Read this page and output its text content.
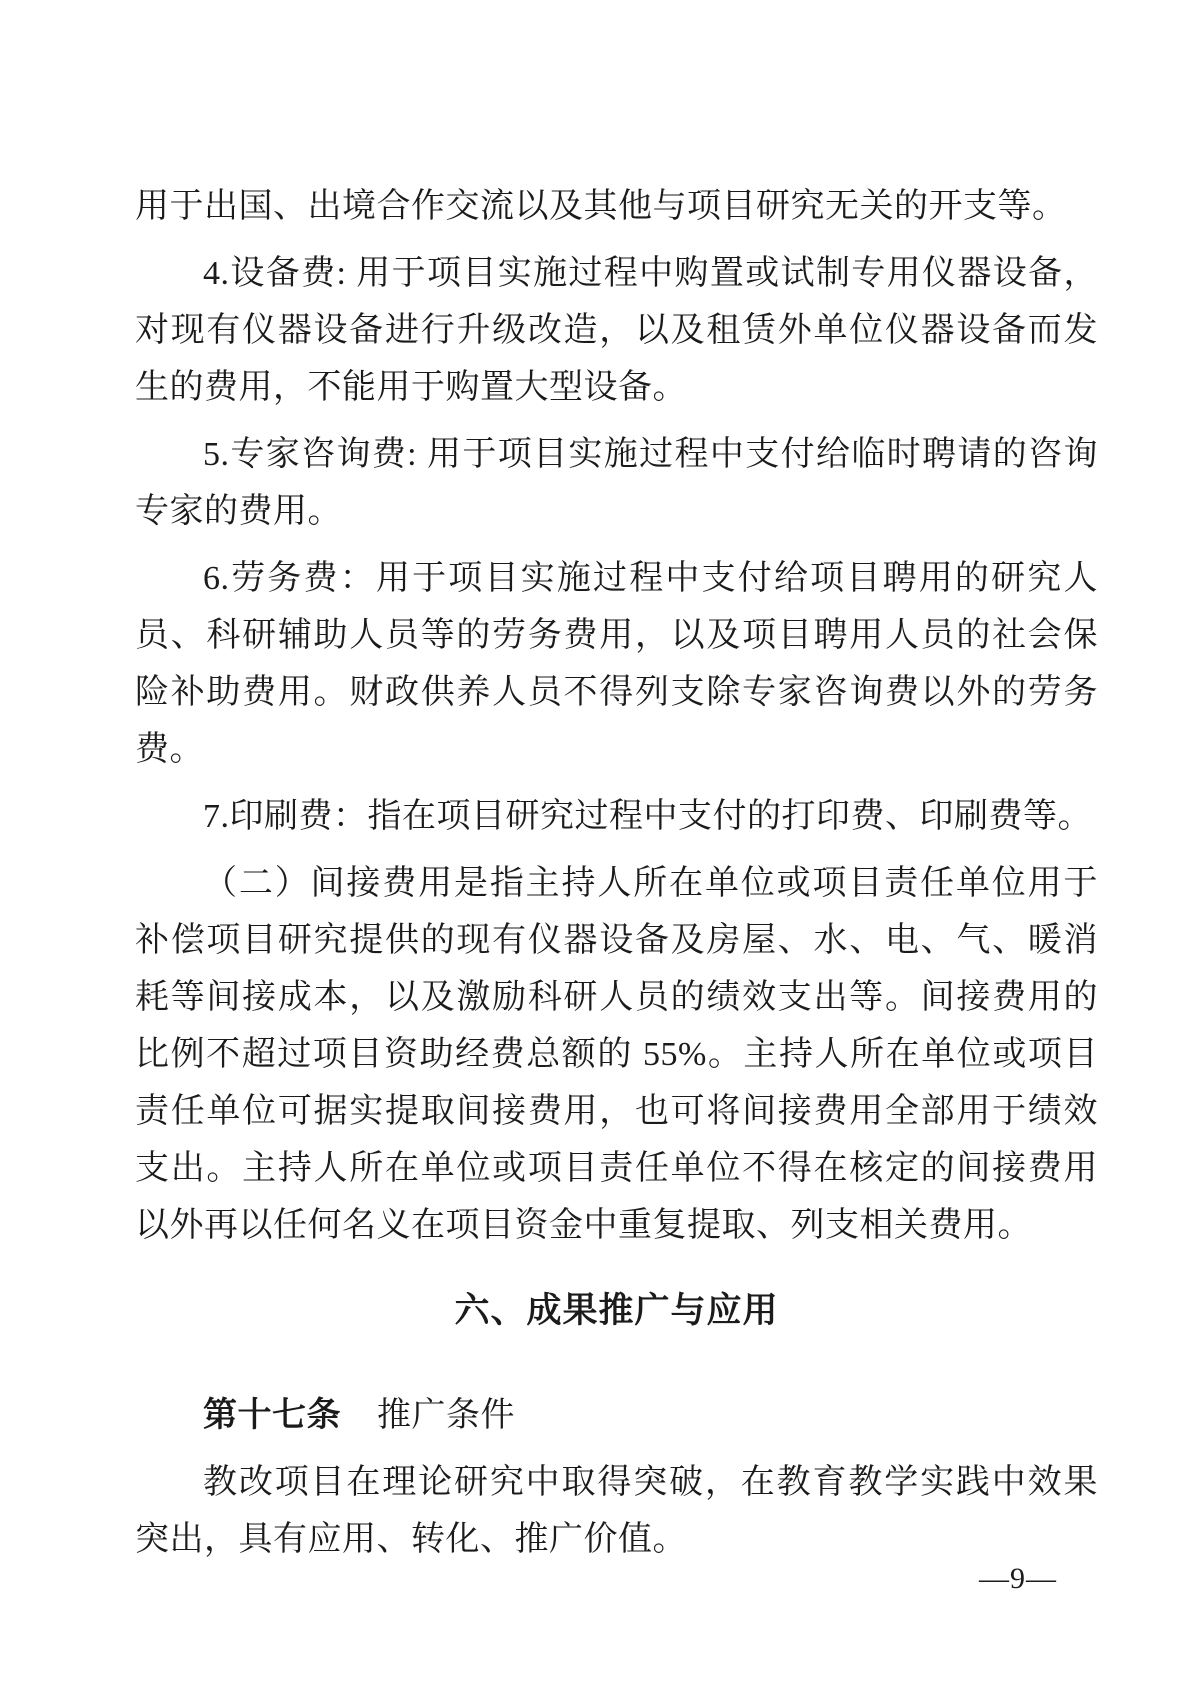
用于出国、出境合作交流以及其他与项目研究无关的开支等。

4.设备费: 用于项目实施过程中购置或试制专用仪器设备，对现有仪器设备进行升级改造，以及租赁外单位仪器设备而发生的费用，不能用于购置大型设备。

5.专家咨询费: 用于项目实施过程中支付给临时聘请的咨询专家的费用。

6.劳务费：用于项目实施过程中支付给项目聘用的研究人员、科研辅助人员等的劳务费用，以及项目聘用人员的社会保险补助费用。财政供养人员不得列支除专家咨询费以外的劳务费。

7.印刷费：指在项目研究过程中支付的打印费、印刷费等。

（二）间接费用是指主持人所在单位或项目责任单位用于补偿项目研究提供的现有仪器设备及房屋、水、电、气、暖消耗等间接成本，以及激励科研人员的绩效支出等。间接费用的比例不超过项目资助经费总额的 55%。主持人所在单位或项目责任单位可据实提取间接费用，也可将间接费用全部用于绩效支出。主持人所在单位或项目责任单位不得在核定的间接费用以外再以任何名义在项目资金中重复提取、列支相关费用。

六、成果推广与应用

第十七条 推广条件

教改项目在理论研究中取得突破，在教育教学实践中效果突出，具有应用、转化、推广价值。

—9—
